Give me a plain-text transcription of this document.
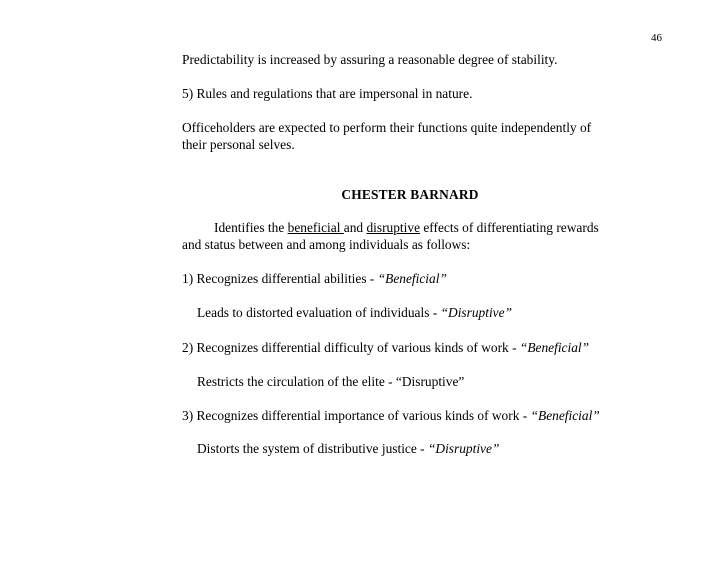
46
Predictability is increased by assuring a reasonable degree of stability.
5) Rules and regulations that are impersonal in nature.
Officeholders are expected to perform their functions quite independently of
their personal selves.
CHESTER BARNARD
Identifies the beneficial and disruptive effects of differentiating rewards
and status between and among individuals as follows:
1) Recognizes differential abilities - “Beneficial”
Leads to distorted evaluation of individuals - “Disruptive”
2) Recognizes differential difficulty of various kinds of work - “Beneficial”
Restricts the circulation of the elite - “Disruptive”
3) Recognizes differential importance of various kinds of work - “Beneficial”
Distorts the system of distributive justice - “Disruptive”
